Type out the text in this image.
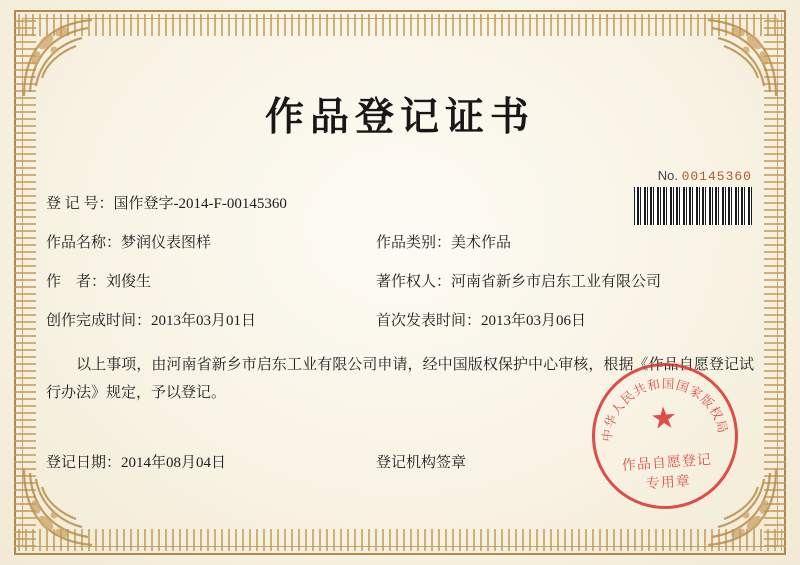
作品登记证书
No. 00145360
登 记 号： 国作登字-2014-F-00145360
作品名称： 梦润仪表图样	作品类别： 美术作品
作    者： 刘俊生	著作权人： 河南省新乡市启东工业有限公司
创作完成时间： 2013年03月01日	首次发表时间： 2013年03月06日
以上事项，由河南省新乡市启东工业有限公司申请，经中国版权保护中心审核，根据《作品自愿登记试行办法》规定，予以登记。
登记日期： 2014年08月04日	登记机构签章
中华人民共和国国家版权局
★
作品自愿登记
专用章
